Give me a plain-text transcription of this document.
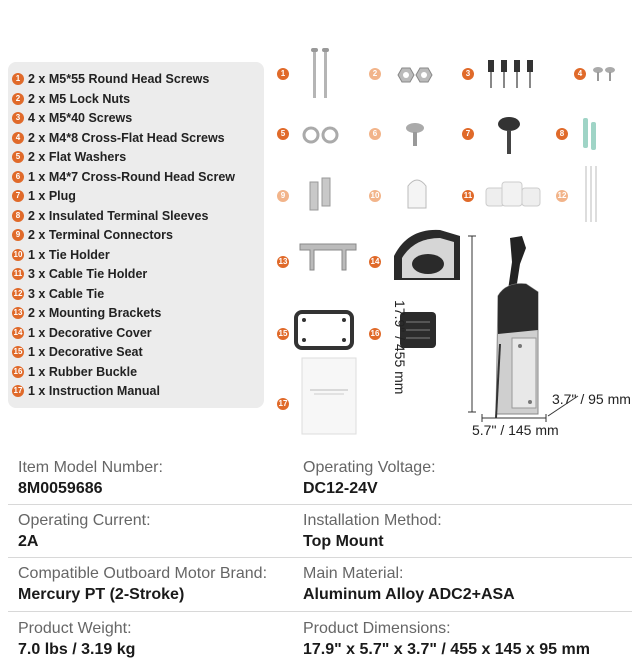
1 2 x M5*55 Round Head Screws
2 2 x M5 Lock Nuts
3 4 x M5*40 Screws
4 2 x M4*8 Cross-Flat Head Screws
5 2 x Flat Washers
6 1 x M4*7 Cross-Round Head Screw
7 1 x Plug
8 2 x Insulated Terminal Sleeves
9 2 x Terminal Connectors
10 1 x Tie Holder
11 3 x Cable Tie Holder
12 3 x Cable Tie
13 2 x Mounting Brackets
14 1 x Decorative Cover
15 1 x Decorative Seat
16 1 x Rubber Buckle
17 1 x Instruction Manual
1	2	3	4
5	6	7	8
9	10	11	12
13	14
15	16
17
17.9" / 455 mm
5.7" / 145 mm
3.7" / 95 mm
Item Model Number:
8M0059686
Operating Voltage:
DC12-24V
Operating Current:
2A
Installation Method:
Top Mount
Compatible Outboard Motor Brand:
Mercury PT (2-Stroke)
Main Material:
Aluminum Alloy ADC2+ASA
Product Weight:
7.0 lbs / 3.19 kg
Product Dimensions:
17.9" x 5.7" x 3.7" / 455 x 145 x 95 mm
